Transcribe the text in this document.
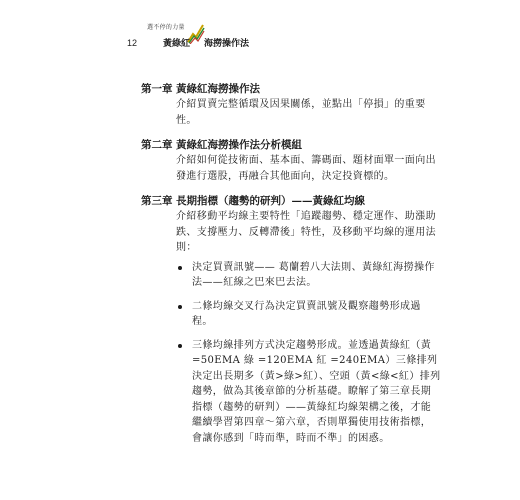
12
選不停的力量
黃綠紅 海撈操作法
第一章 黃綠紅海撈操作法
介紹買賣完整循環及因果關係，並點出「停損」的重要性。
第二章 黃綠紅海撈操作法分析模組
介紹如何從技術面、基本面、籌碼面、題材面單一面向出發進行選股，再融合其他面向，決定投資標的。
第三章 長期指標（趨勢的研判）——黃綠紅均線
介紹移動平均線主要特性「追蹤趨勢、穩定運作、助漲助跌、支撐壓力、反轉滯後」特性，及移動平均線的運用法則：
決定買賣訊號—— 葛蘭碧八大法則、黃綠紅海撈操作法——紅線之巴來巴去法。
二條均線交叉行為決定買賣訊號及觀察趨勢形成過程。
三條均線排列方式決定趨勢形成。並透過黃綠紅（黃 =50EMA 綠 =120EMA 紅 =240EMA）三條排列決定出長期多（黃>綠>紅）、空頭（黃<綠<紅）排列趨勢，做為其後章節的分析基礎。瞭解了第三章長期指標（趨勢的研判）——黃綠紅均線架構之後，才能繼續學習第四章～第六章，否則單獨使用技術指標，會讓你感到「時而準，時而不準」的困惑。
